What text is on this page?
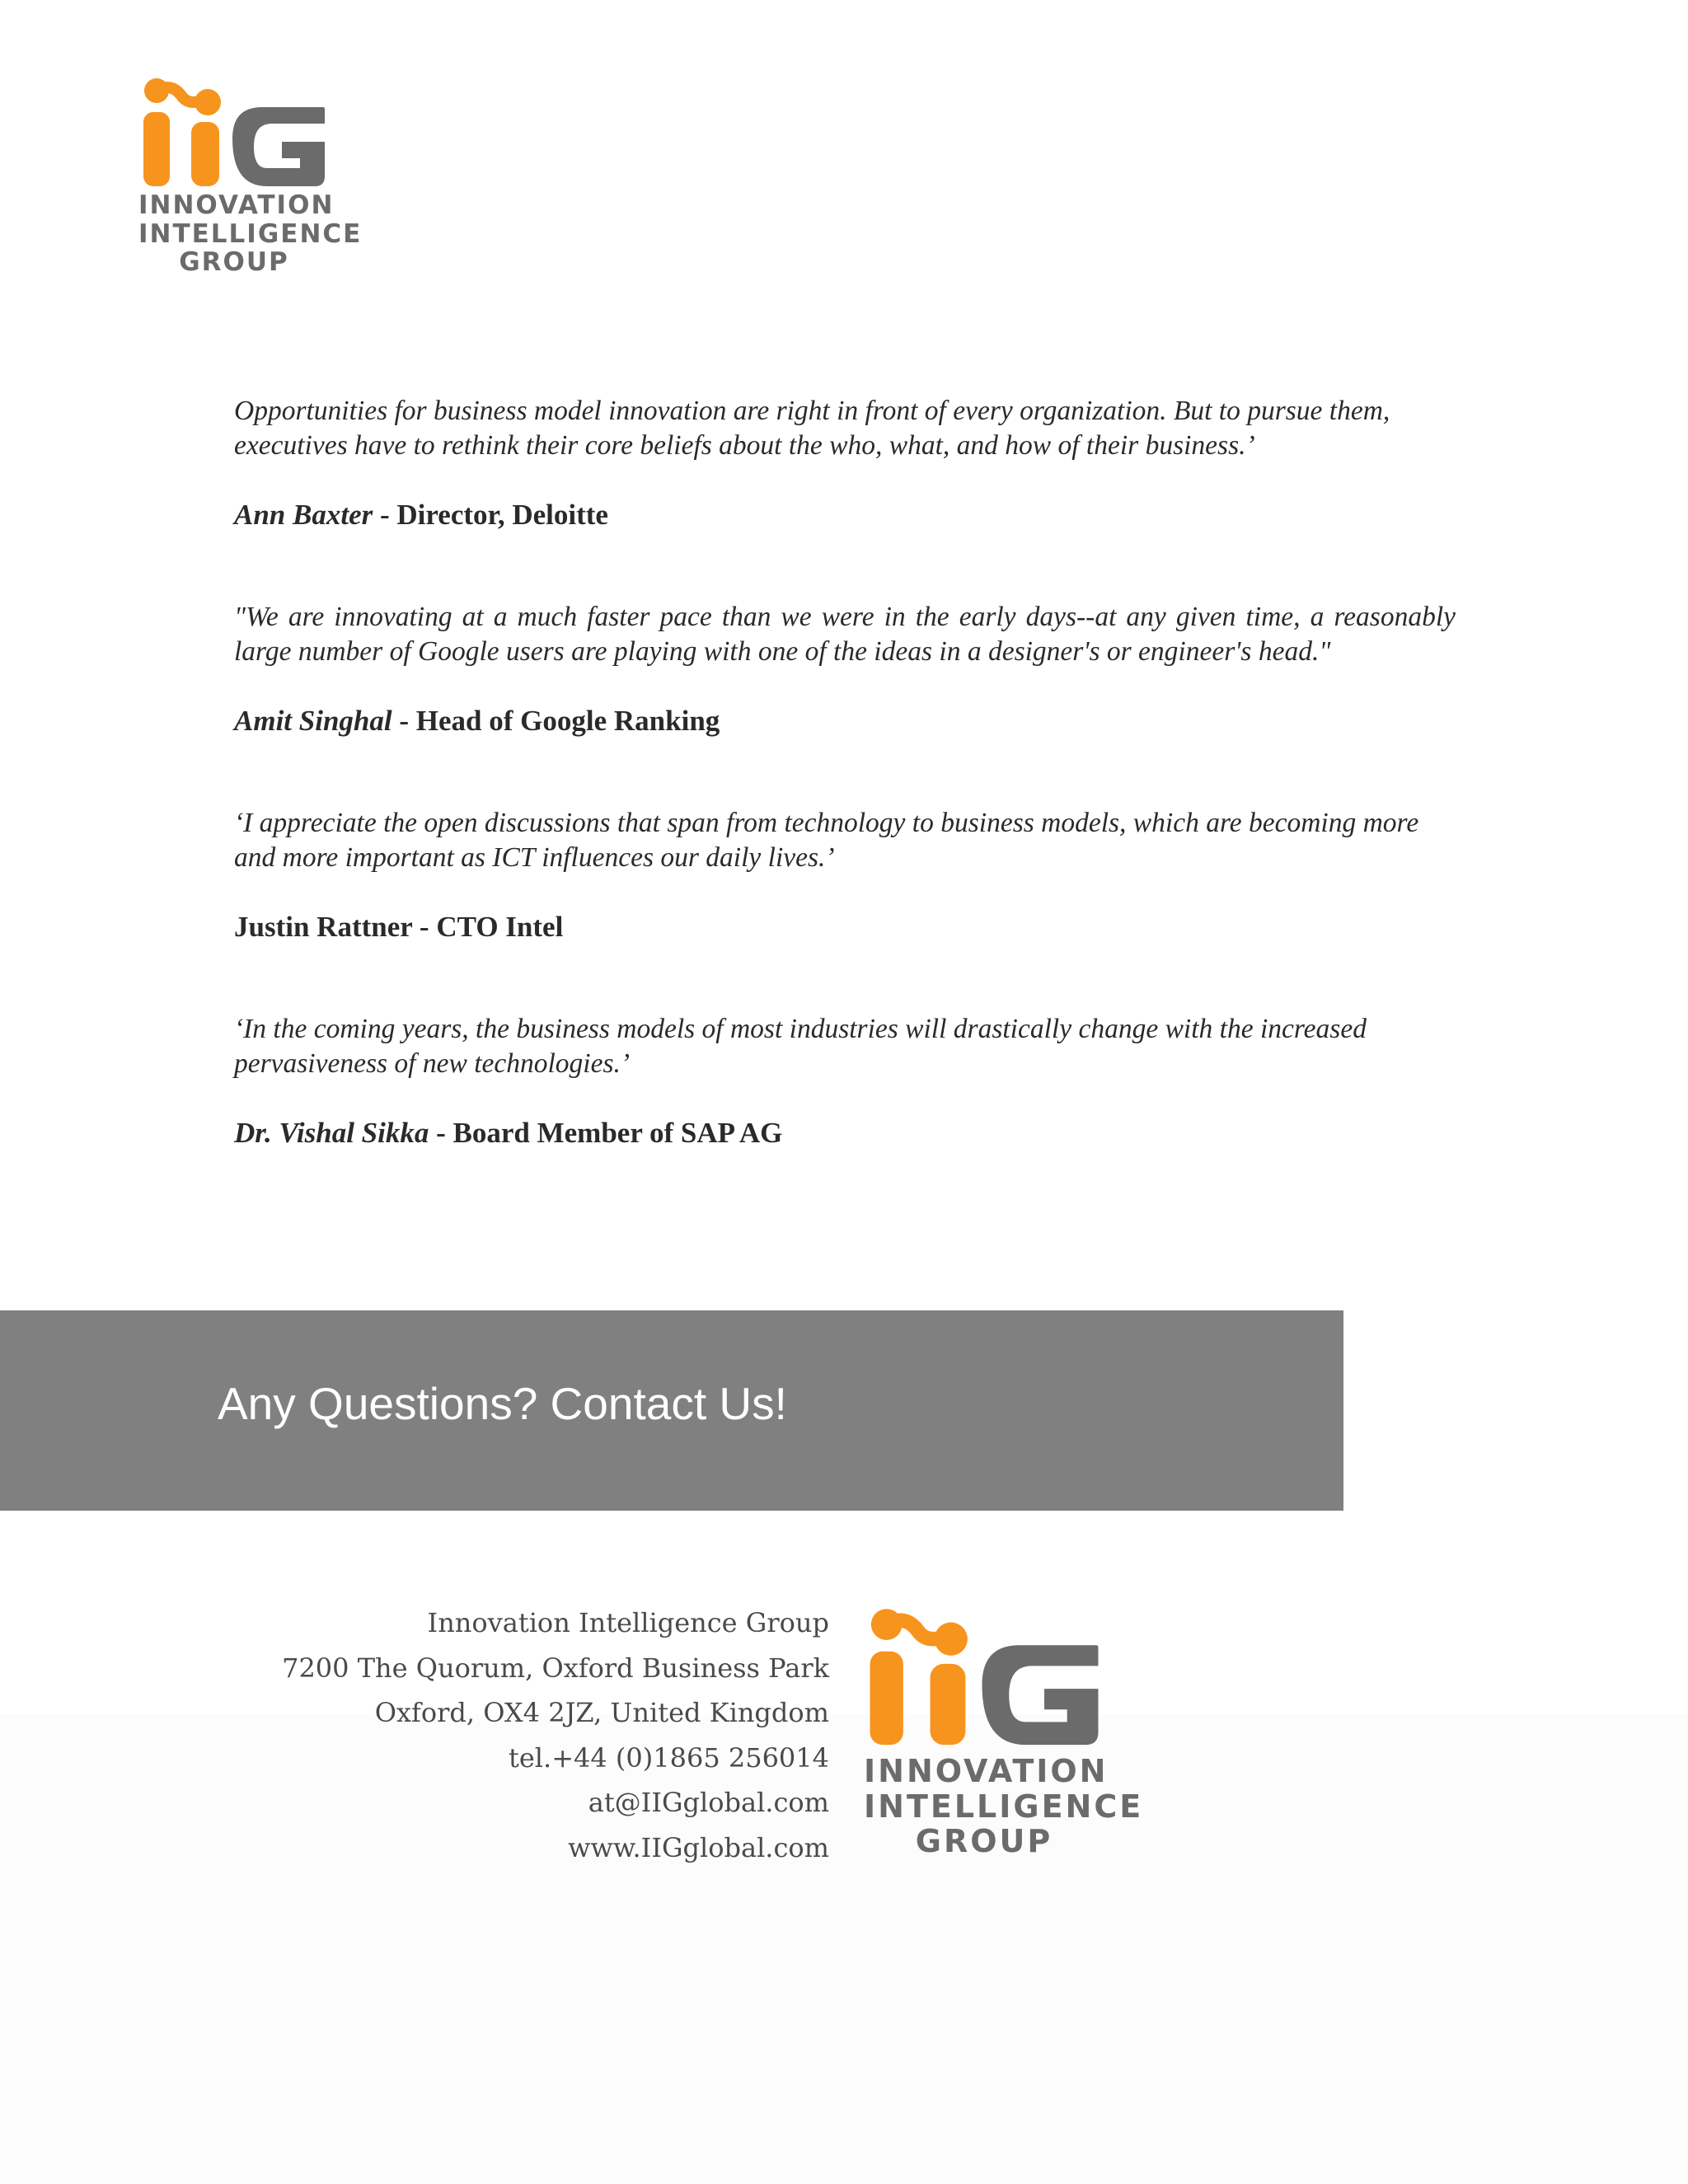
INNOVATION
INTELLIGENCE
GROUP

Opportunities for business model innovation are right in front of every organization. But to pursue them, executives have to rethink their core beliefs about the who, what, and how of their business.’

Ann Baxter - Director, Deloitte

"We are innovating at a much faster pace than we were in the early days--at any given time, a reasonably large number of Google users are playing with one of the ideas in a designer's or engineer's head."

Amit Singhal - Head of Google Ranking

‘I appreciate the open discussions that span from technology to business models, which are becoming more and more important as ICT influences our daily lives.’

Justin Rattner - CTO Intel

‘In the coming years, the business models of most industries will drastically change with the increased pervasiveness of new technologies.’

Dr. Vishal Sikka - Board Member of SAP AG

Any Questions? Contact Us!
Innovation Intelligence Group
7200 The Quorum, Oxford Business Park
Oxford, OX4 2JZ, United Kingdom
tel.+44 (0)1865 256014
at@IIGglobal.com
www.IIGglobal.com
INNOVATION
INTELLIGENCE
GROUP
